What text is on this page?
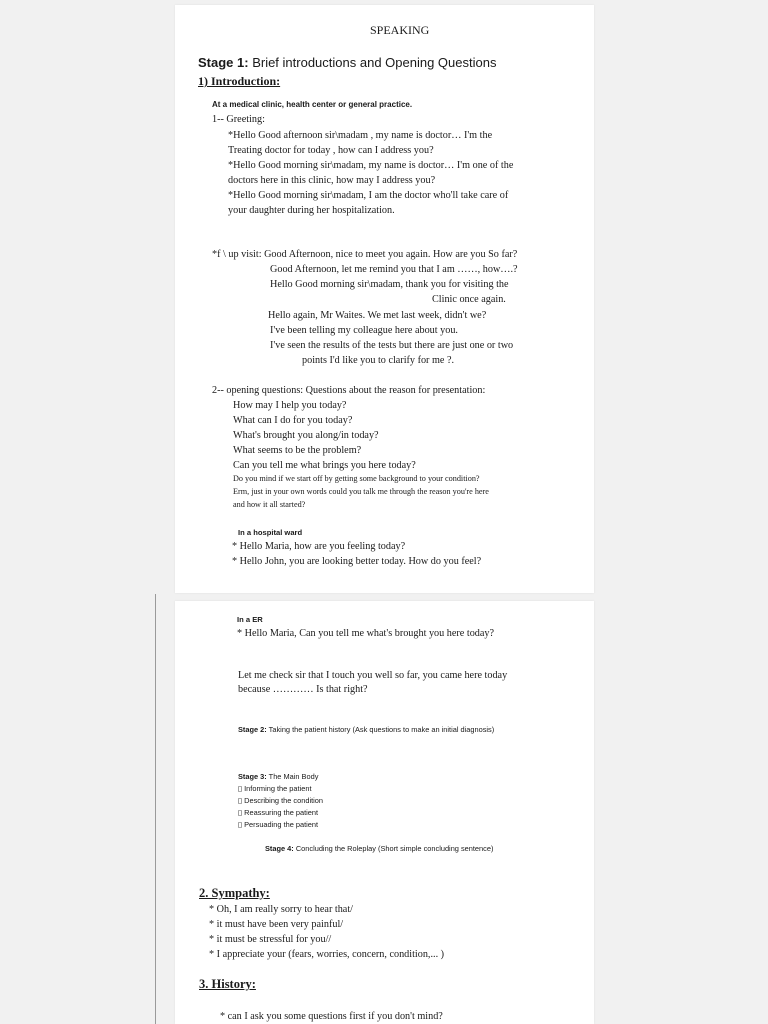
SPEAKING
Stage 1: Brief introductions and Opening Questions
1) Introduction:
At a medical clinic, health center or general practice.
1-- Greeting:
*Hello Good afternoon sir\madam , my name is doctor… I'm the
Treating doctor for today , how can I address you?
*Hello Good morning sir\madam, my name is doctor… I'm one of the
doctors here in this clinic, how may I address you?
*Hello Good morning sir\madam, I am the doctor who'll take care of
your daughter during her hospitalization.
*f \ up visit: Good Afternoon, nice to meet you again. How are you So far?
Good Afternoon, let me remind you that I am ……, how….?
Hello Good morning sir\madam, thank you for visiting the
Clinic once again.
Hello again, Mr Waites. We met last week, didn't we?
I've been telling my colleague here about you.
I've seen the results of the tests but there are just one or two
points I'd like you to clarify for me ?.
2-- opening questions: Questions about the reason for presentation:
How may I help you today?
What can I do for you today?
What's brought you along/in today?
What seems to be the problem?
Can you tell me what brings you here today?
Do you mind if we start off by getting some background to your condition?
Erm, just in your own words could you talk me through the reason you're here
and how it all started?
In a hospital ward
* Hello Maria, how are you feeling today?
* Hello John, you are looking better today. How do you feel?
In a ER
* Hello Maria, Can you tell me what's brought you here today?
Let me check sir that I touch you well so far, you came here today
because ………… Is that right?
Stage 2: Taking the patient history (Ask questions to make an initial diagnosis)
Stage 3: The Main Body
▯ Informing the patient
▯ Describing the condition
▯ Reassuring the patient
▯ Persuading the patient
Stage 4: Concluding the Roleplay (Short simple concluding sentence)
2. Sympathy:
* Oh, I am really sorry to hear that/
* it must have been very painful/
* it must be stressful for you//
* I appreciate your (fears, worries, concern, condition,... )
3. History:
* can I ask you some questions first if you don't mind?
